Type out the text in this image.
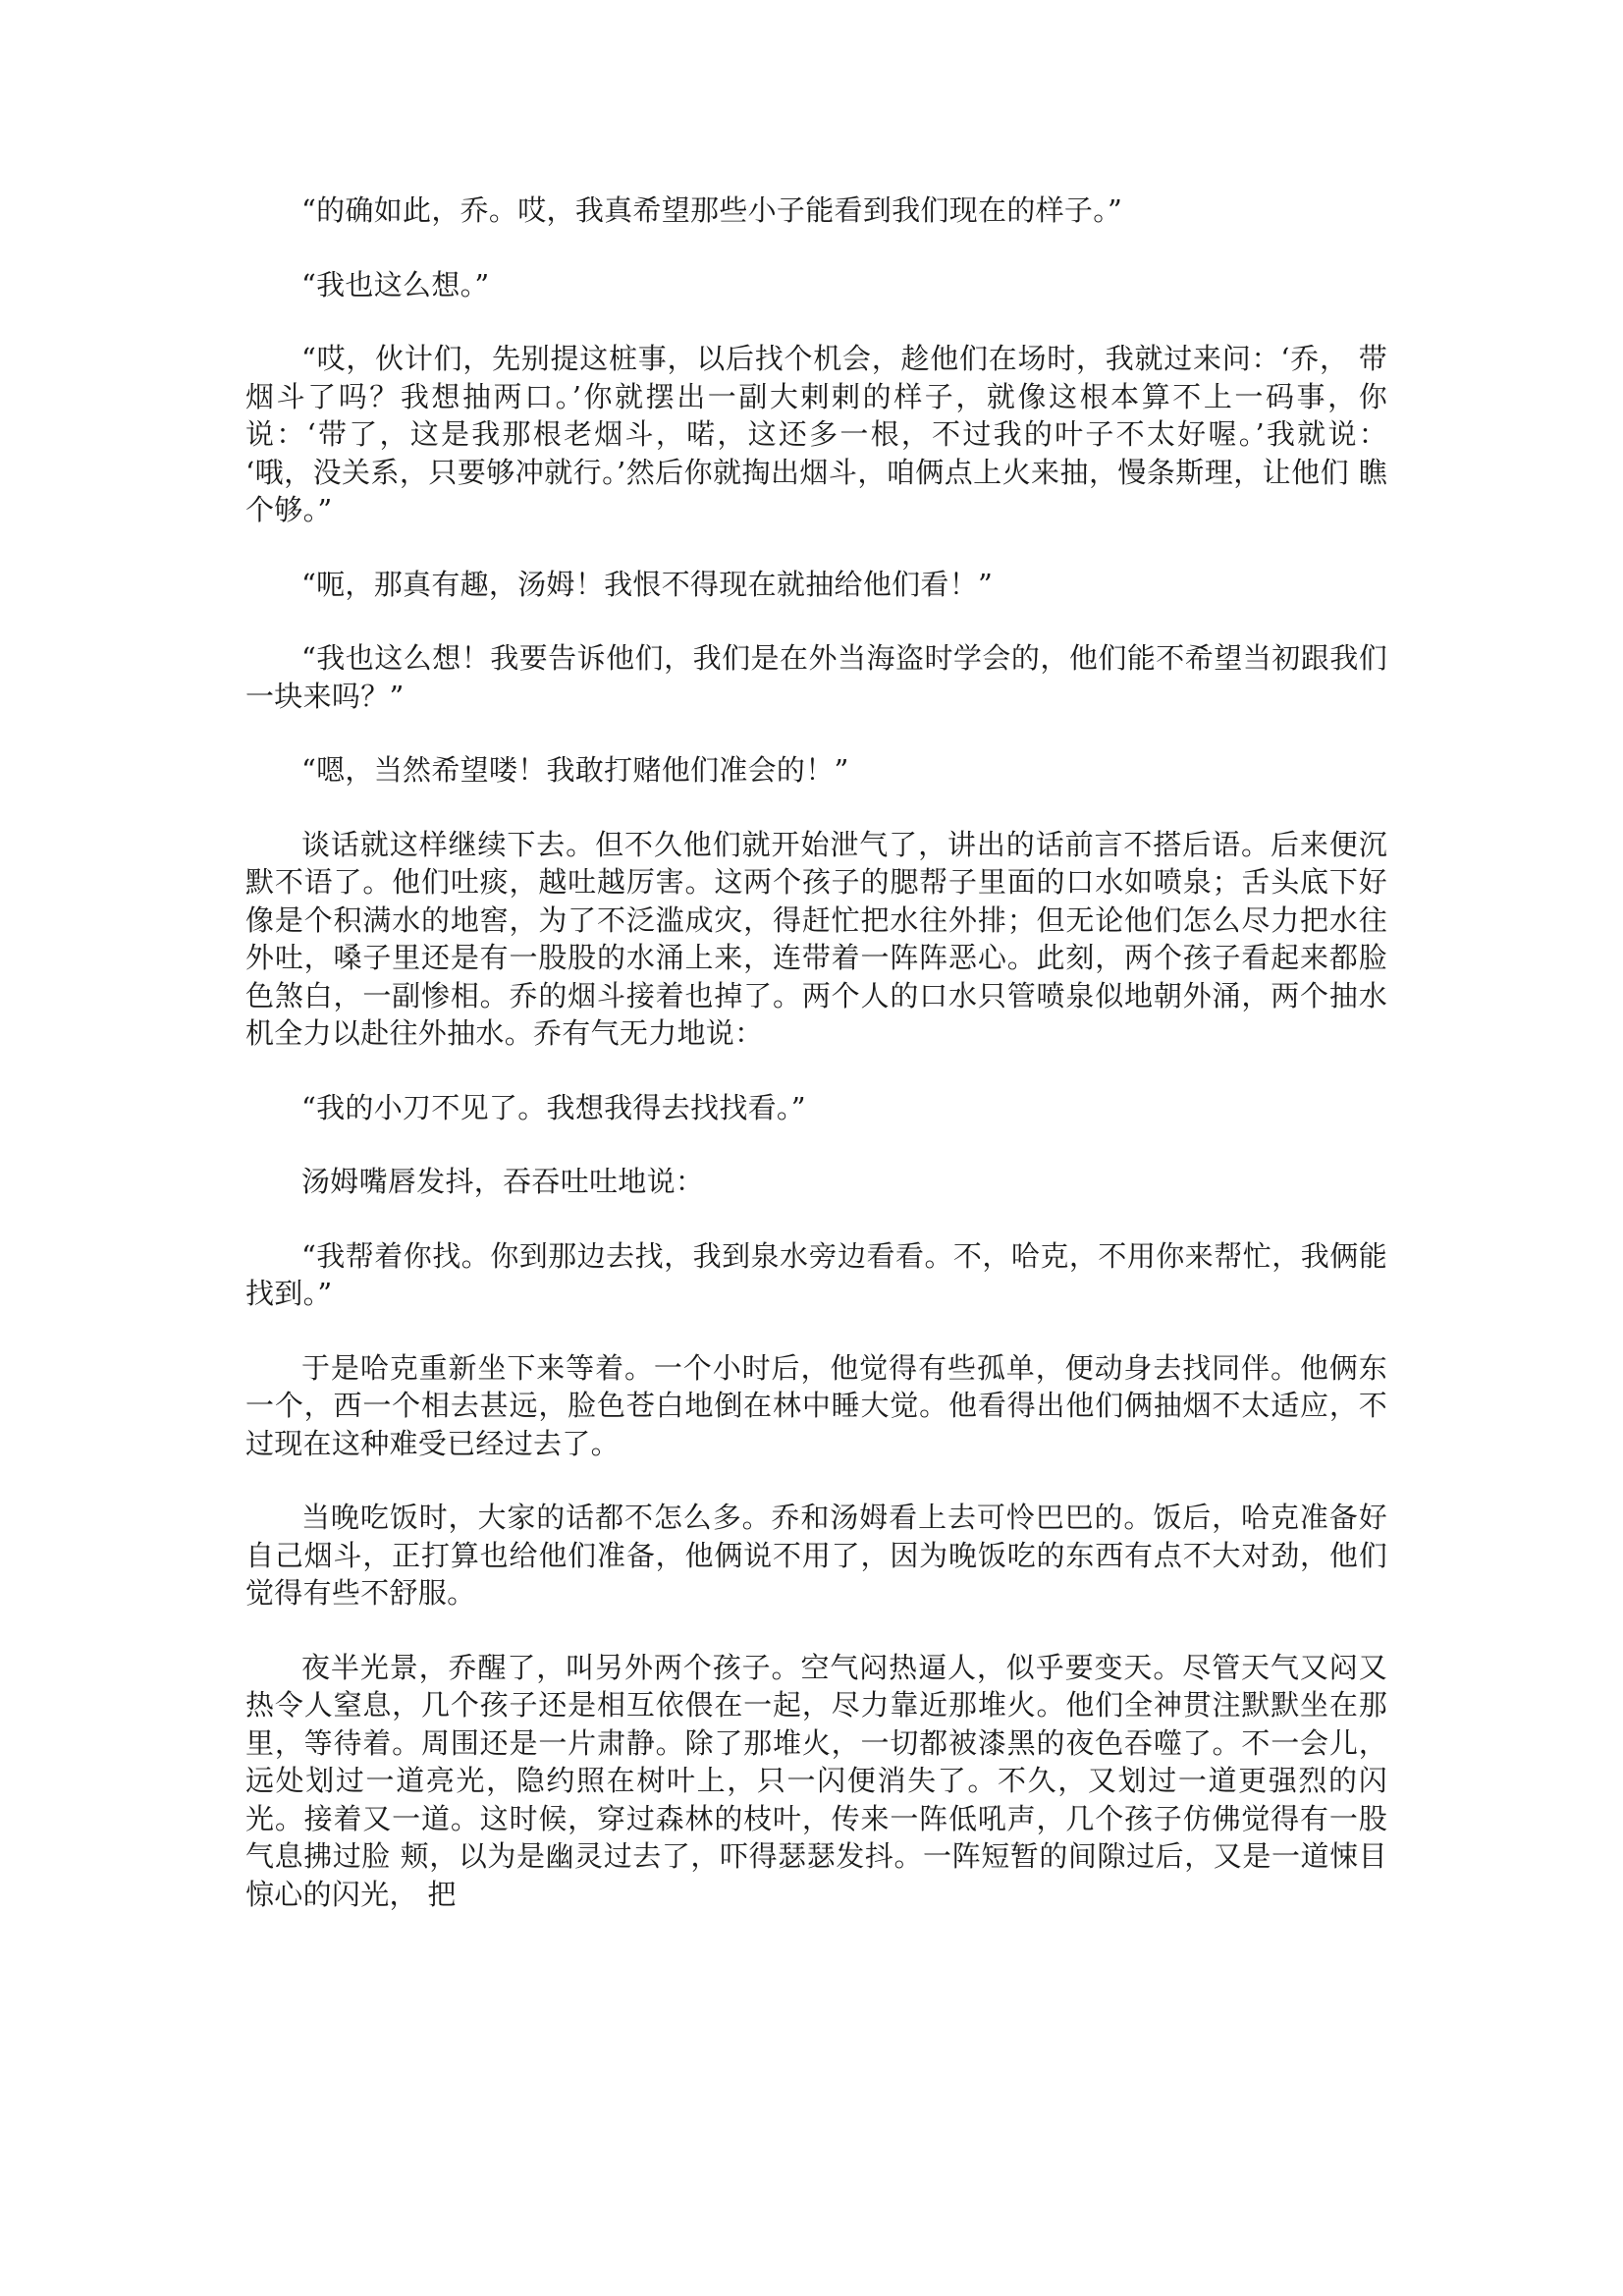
“的确如此，乔。哎，我真希望那些小子能看到我们现在的样子。”

“我也这么想。”

“哎，伙计们，先别提这桩事，以后找个机会，趁他们在场时，我就过来问：‘乔， 带烟斗了吗？我想抽两口。’你就摆出一副大剌剌的样子，就像这根本算不上一码事，你 说：‘带了，这是我那根老烟斗，喏，这还多一根，不过我的叶子不太好喔。’我就说： ‘哦，没关系，只要够冲就行。’然后你就掏出烟斗，咱俩点上火来抽，慢条斯理，让他们 瞧个够。”

“呃，那真有趣，汤姆！我恨不得现在就抽给他们看！”

“我也这么想！我要告诉他们，我们是在外当海盗时学会的，他们能不希望当初跟我们一块来吗？”

“嗯，当然希望喽！我敢打赌他们准会的！”

谈话就这样继续下去。但不久他们就开始泄气了，讲出的话前言不搭后语。后来便沉默不语了。他们吐痰，越吐越厉害。这两个孩子的腮帮子里面的口水如喷泉；舌头底下好像是个积满水的地窖，为了不泛滥成灾，得赶忙把水往外排；但无论他们怎么尽力把水往外吐，嗓子里还是有一股股的水涌上来，连带着一阵阵恶心。此刻，两个孩子看起来都脸色煞白，一副惨相。乔的烟斗接着也掉了。两个人的口水只管喷泉似地朝外涌，两个抽水机全力以赴往外抽水。乔有气无力地说：

“我的小刀不见了。我想我得去找找看。”

汤姆嘴唇发抖，吞吞吐吐地说：

“我帮着你找。你到那边去找，我到泉水旁边看看。不，哈克，不用你来帮忙，我俩能找到。”

于是哈克重新坐下来等着。一个小时后，他觉得有些孤单，便动身去找同伴。他俩东一个，西一个相去甚远，脸色苍白地倒在林中睡大觉。他看得出他们俩抽烟不太适应，不过现在这种难受已经过去了。

当晚吃饭时，大家的话都不怎么多。乔和汤姆看上去可怜巴巴的。饭后，哈克准备好自己烟斗，正打算也给他们准备，他俩说不用了，因为晚饭吃的东西有点不大对劲，他们觉得有些不舒服。

夜半光景，乔醒了，叫另外两个孩子。空气闷热逼人，似乎要变天。尽管天气又闷又热令人窒息，几个孩子还是相互依偎在一起，尽力靠近那堆火。他们全神贯注默默坐在那里，等待着。周围还是一片肃静。除了那堆火，一切都被漆黑的夜色吞噬了。不一会儿，远处划过一道亮光，隐约照在树叶上，只一闪便消失了。不久，又划过一道更强烈的闪光。接着又一道。这时候，穿过森林的枝叶，传来一阵低吼声，几个孩子仿佛觉得有一股气息拂过脸 颊，以为是幽灵过去了，吓得瑟瑟发抖。一阵短暂的间隙过后，又是一道悚目惊心的闪光， 把
